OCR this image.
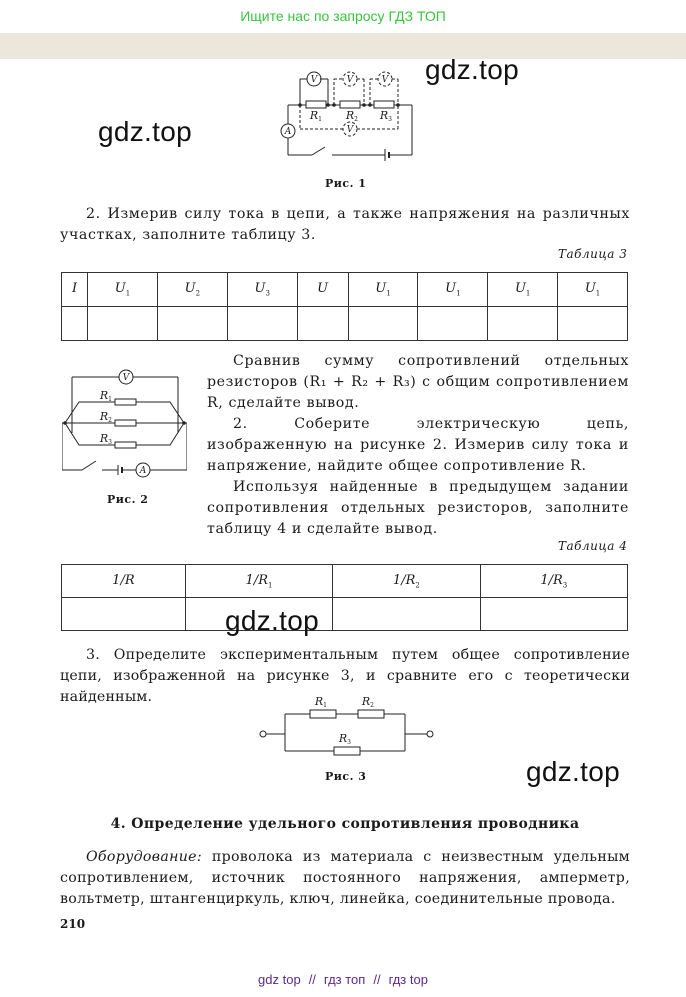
Ищите нас по запросу ГДЗ ТОП
V	V	V
V
A
R	R R
1	2	3
Рис. 1
2. Измерив силу тока в цепи, а также напряжения на различных участках, заполните таблицу 3.
Таблица 3
I	$U_1$	$U_2$	$U_3$	U	$U_1$	$U_1$	$U_1$	$U_1$

V
A
R
R
R
1
2
3
Рис. 2
Сравнив сумму сопротивлений отдельных резисторов (R₁ + R₂ + R₃) с общим сопротивлением R, сделайте вывод.
2. Соберите электрическую цепь, изображенную на рисунке 2. Измерив силу тока и напряжение, найдите общее сопротивление R.
Используя найденные в предыдущем задании сопротивления отдельных резисторов, заполните таблицу 4 и сделайте вывод.
Таблица 4
1/R	$1/R_1$	$1/R_2$	$1/R_3$

3. Определите экспериментальным путем общее сопротивление цепи, изображенной на рисунке 3, и сравните его с теоретически найденным.	R 1	R 2
R 3
Рис. 3
4. Определение удельного сопротивления проводника
Оборудование: проволока из материала с неизвестным удельным сопротивлением, источник постоянного напряжения, амперметр, вольтметр, штангенциркуль, ключ, линейка, соединительные провода.
210
gdz.top
gdz.top
gdz.top
gdz.top
gdz top // гдз топ // гдз top
